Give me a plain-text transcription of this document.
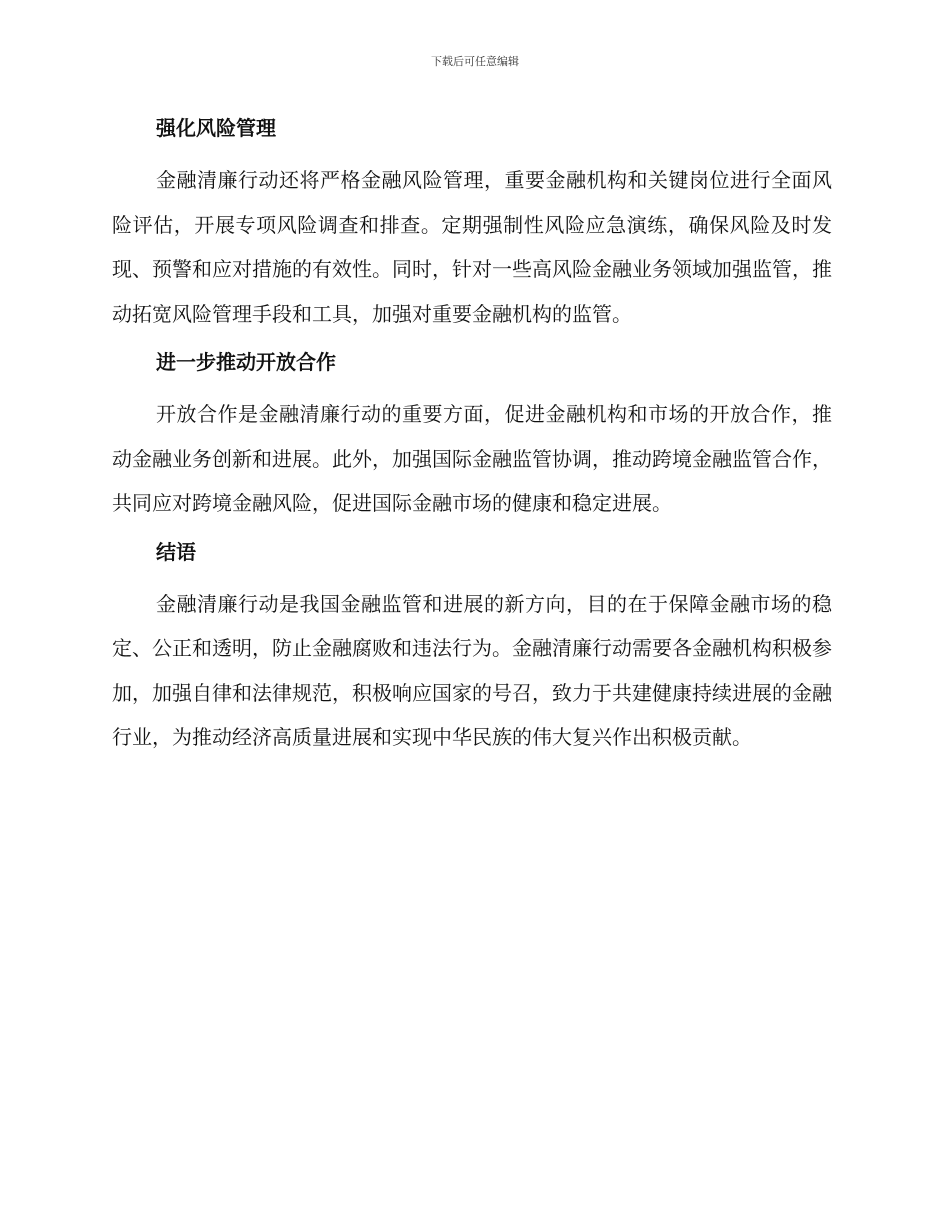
下载后可任意编辑
强化风险管理

金融清廉行动还将严格金融风险管理，重要金融机构和关键岗位进行全面风险评估，开展专项风险调查和排查。定期强制性风险应急演练，确保风险及时发现、预警和应对措施的有效性。同时，针对一些高风险金融业务领域加强监管，推动拓宽风险管理手段和工具，加强对重要金融机构的监管。

进一步推动开放合作

开放合作是金融清廉行动的重要方面，促进金融机构和市场的开放合作，推动金融业务创新和进展。此外，加强国际金融监管协调，推动跨境金融监管合作，共同应对跨境金融风险，促进国际金融市场的健康和稳定进展。

结语

金融清廉行动是我国金融监管和进展的新方向，目的在于保障金融市场的稳定、公正和透明，防止金融腐败和违法行为。金融清廉行动需要各金融机构积极参加，加强自律和法律规范，积极响应国家的号召，致力于共建健康持续进展的金融行业，为推动经济高质量进展和实现中华民族的伟大复兴作出积极贡献。
